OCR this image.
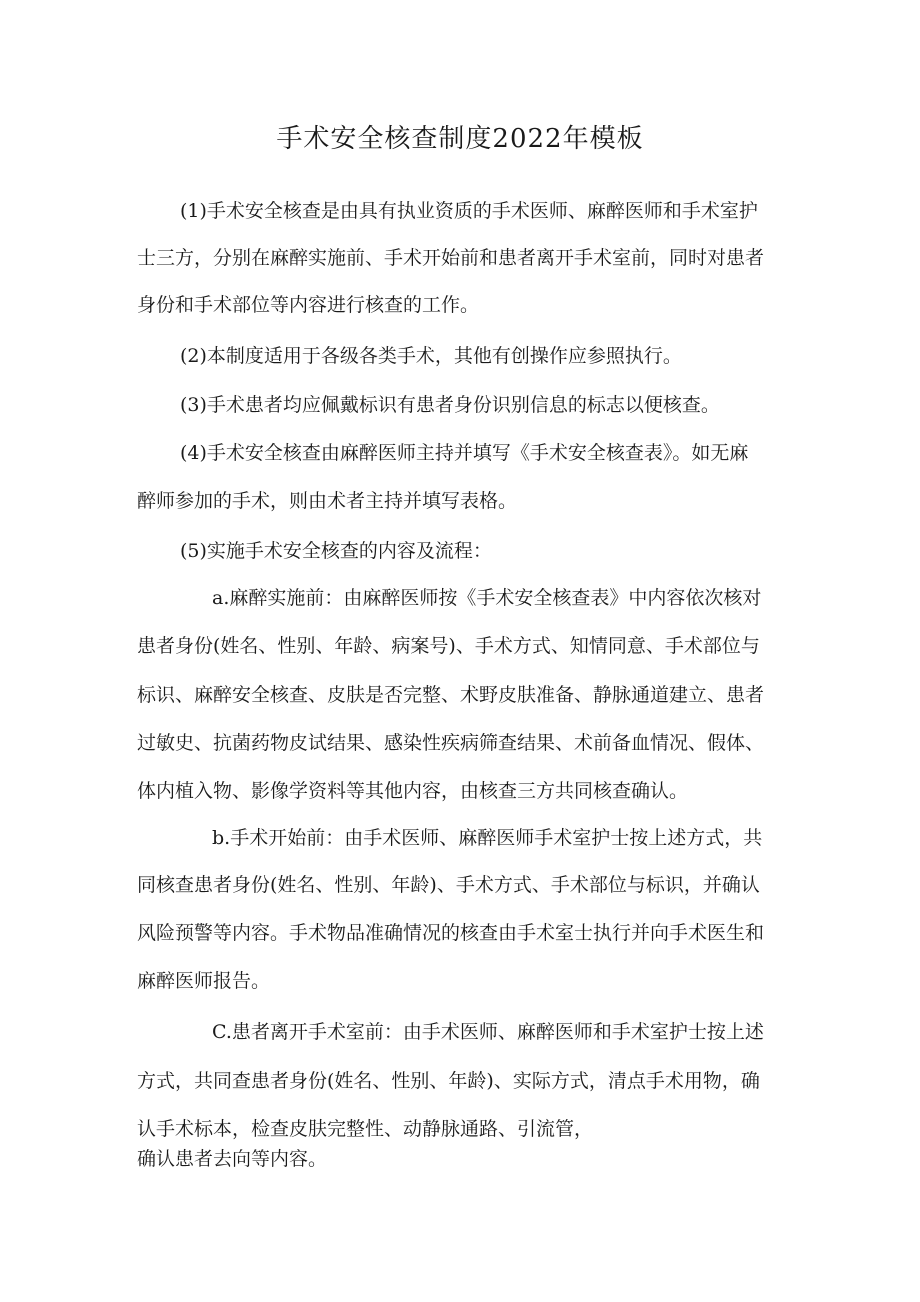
手术安全核查制度2022年模板
(1)手术安全核查是由具有执业资质的手术医师、麻醉医师和手术室护
士三方，分别在麻醉实施前、手术开始前和患者离开手术室前，同时对患者
身份和手术部位等内容进行核查的工作。
(2)本制度适用于各级各类手术，其他有创操作应参照执行。
(3)手术患者均应佩戴标识有患者身份识别信息的标志以便核查。
(4)手术安全核查由麻醉医师主持并填写《手术安全核查表》。如无麻
醉师参加的手术，则由术者主持并填写表格。
(5)实施手术安全核查的内容及流程：
a.麻醉实施前：由麻醉医师按《手术安全核查表》中内容依次核对
患者身份(姓名、性别、年龄、病案号)、手术方式、知情同意、手术部位与
标识、麻醉安全核查、皮肤是否完整、术野皮肤准备、静脉通道建立、患者
过敏史、抗菌药物皮试结果、感染性疾病筛查结果、术前备血情况、假体、
体内植入物、影像学资料等其他内容，由核查三方共同核查确认。
b.手术开始前：由手术医师、麻醉医师手术室护士按上述方式，共
同核查患者身份(姓名、性别、年龄)、手术方式、手术部位与标识，并确认
风险预警等内容。手术物品准确情况的核查由手术室士执行并向手术医生和
麻醉医师报告。
C.患者离开手术室前：由手术医师、麻醉医师和手术室护士按上述
方式，共同查患者身份(姓名、性别、年龄)、实际方式，清点手术用物，确
认手术标本，检查皮肤完整性、动静脉通路、引流管，
确认患者去向等内容。
